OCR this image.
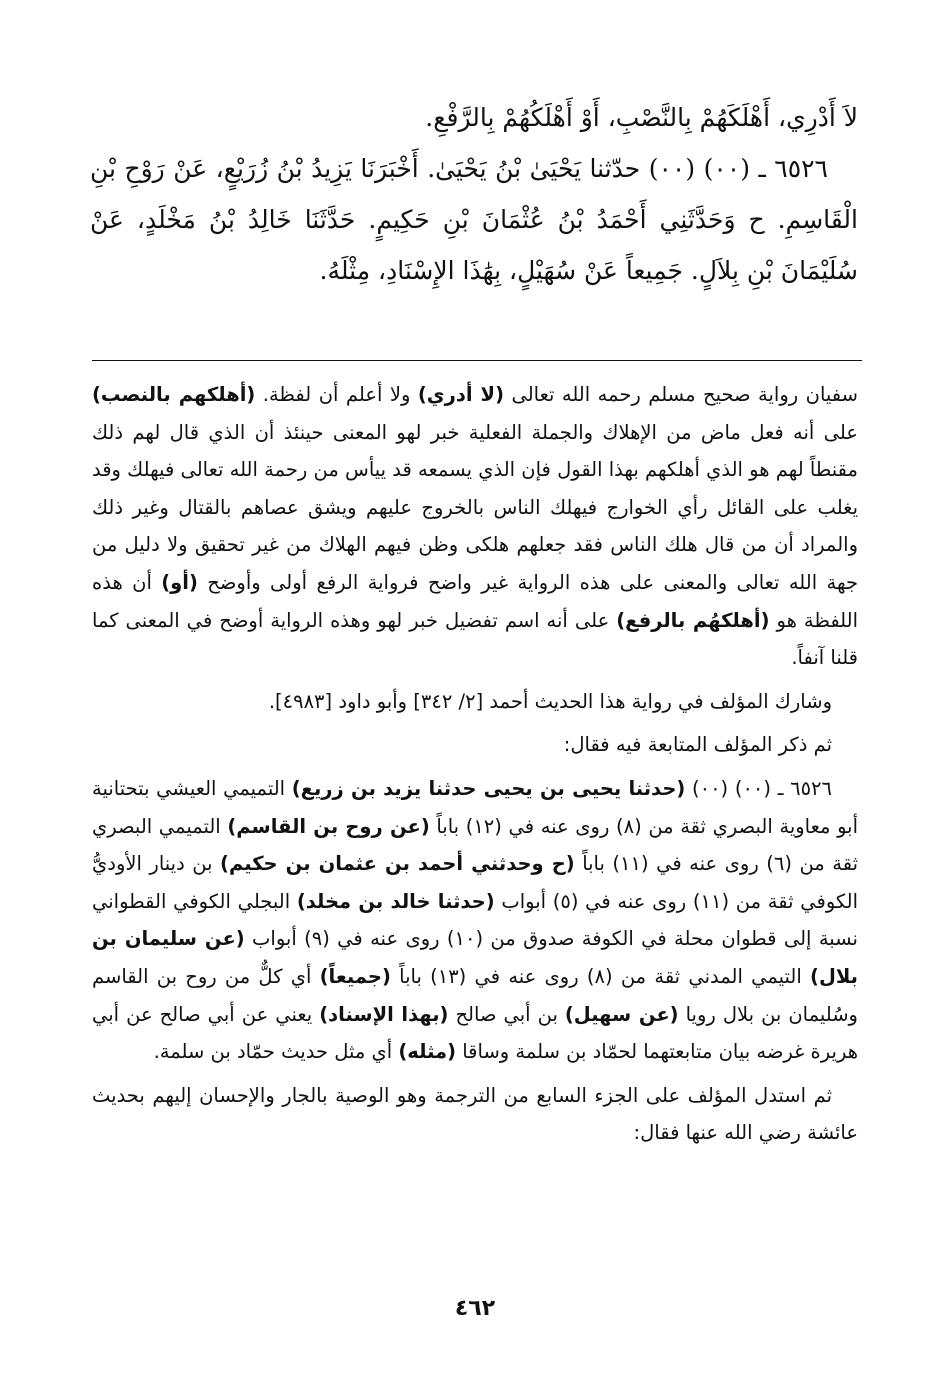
لاَ أَدْرِي، أَهْلَكَهُمْ بِالنَّصْبِ، أَوْ أَهْلَكُهُمْ بِالرَّفْعِ.

٦٥٢٦ ـ (٠٠) (٠٠) حدّثنا يَحْيَىٰ بْنُ يَحْيَىٰ. أَخْبَرَنَا يَزِيدُ بْنُ زُرَيْعٍ، عَنْ رَوْحِ بْنِ الْقَاسِمِ. ح وَحَدَّثَنِي أَحْمَدُ بْنُ عُثْمَانَ بْنِ حَكِيمٍ. حَدَّثَنَا خَالِدُ بْنُ مَخْلَدٍ، عَنْ سُلَيْمَانَ بْنِ بِلاَلٍ. جَمِيعاً عَنْ سُهَيْلٍ، بِهَٰذَا الإِسْنَادِ، مِثْلَهُ.

سفيان رواية صحيح مسلم رحمه الله تعالى (لا أدري) ولا أعلم أن لفظة. (أهلكهم بالنصب) على أنه فعل ماض من الإهلاك والجملة الفعلية خبر لهو المعنى حينئذ أن الذي قال لهم ذلك مقنطاً لهم هو الذي أهلكهم بهذا القول فإن الذي يسمعه قد ييأس من رحمة الله تعالى فيهلك وقد يغلب على القائل رأي الخوارج فيهلك الناس بالخروج عليهم ويشق عصاهم بالقتال وغير ذلك والمراد أن من قال هلك الناس فقد جعلهم هلكى وظن فيهم الهلاك من غير تحقيق ولا دليل من جهة الله تعالى والمعنى على هذه الرواية غير واضح فرواية الرفع أولى وأوضح (أو) أن هذه اللفظة هو (أهلكهُم بالرفع) على أنه اسم تفضيل خبر لهو وهذه الرواية أوضح في المعنى كما قلنا آنفاً.

وشارك المؤلف في رواية هذا الحديث أحمد [٢/ ٣٤٢] وأبو داود [٤٩٨٣].

ثم ذكر المؤلف المتابعة فيه فقال:

٦٥٢٦ ـ (٠٠) (٠٠) (حدثنا يحيى بن يحيى حدثنا يزيد بن زريع) التميمي العيشي بتحتانية أبو معاوية البصري ثقة من (٨) روى عنه في (١٢) باباً (عن روح بن القاسم) التميمي البصري ثقة من (٦) روى عنه في (١١) باباً (ح وحدثني أحمد بن عثمان بن حكيم) بن دينار الأوديُّ الكوفي ثقة من (١١) روى عنه في (٥) أبواب (حدثنا خالد بن مخلد) البجلي الكوفي القطواني نسبة إلى قطوان محلة في الكوفة صدوق من (١٠) روى عنه في (٩) أبواب (عن سليمان بن بلال) التيمي المدني ثقة من (٨) روى عنه في (١٣) باباً (جميعاً) أي كلٌّ من روح بن القاسم وسُليمان بن بلال رويا (عن سهيل) بن أبي صالح (بهذا الإسناد) يعني عن أبي صالح عن أبي هريرة غرضه بيان متابعتهما لحمّاد بن سلمة وساقا (مثله) أي مثل حديث حمّاد بن سلمة.

ثم استدل المؤلف على الجزء السابع من الترجمة وهو الوصية بالجار والإحسان إليهم بحديث عائشة رضي الله عنها فقال:

٤٦٢
